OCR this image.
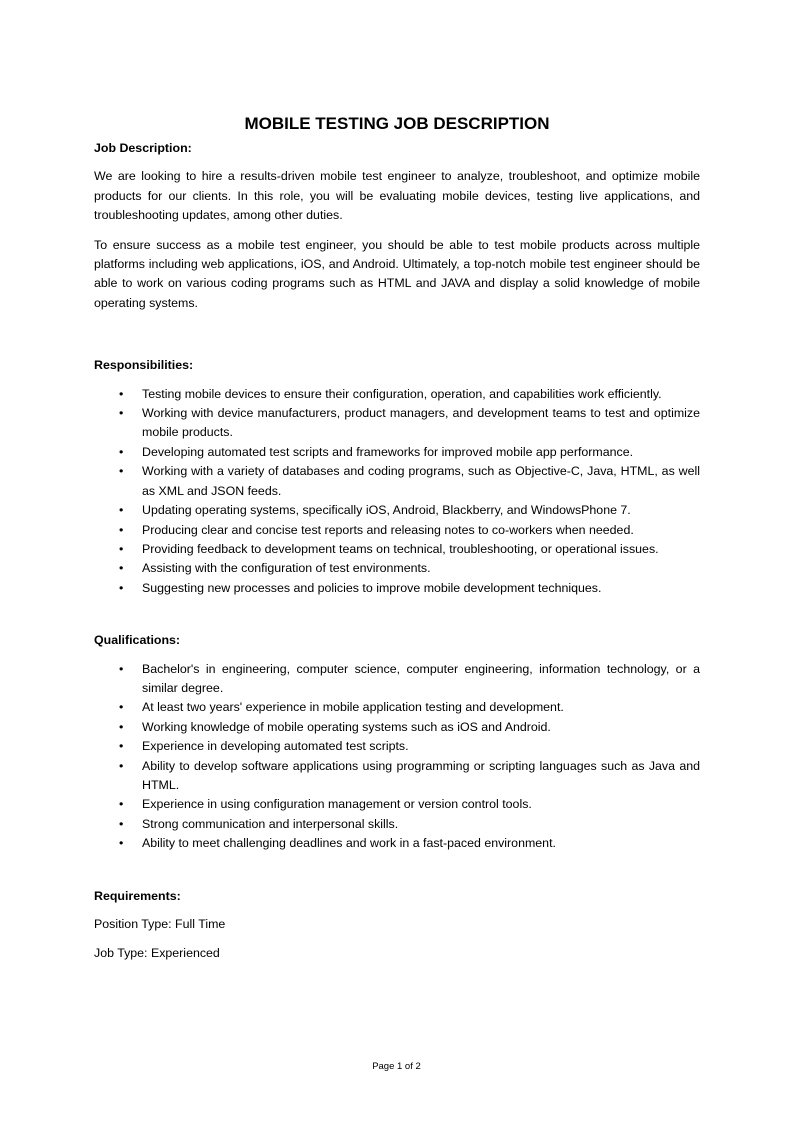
MOBILE TESTING JOB DESCRIPTION
Job Description:

We are looking to hire a results-driven mobile test engineer to analyze, troubleshoot, and optimize mobile products for our clients. In this role, you will be evaluating mobile devices, testing live applications, and troubleshooting updates, among other duties.

To ensure success as a mobile test engineer, you should be able to test mobile products across multiple platforms including web applications, iOS, and Android. Ultimately, a top-notch mobile test engineer should be able to work on various coding programs such as HTML and JAVA and display a solid knowledge of mobile operating systems.

Responsibilities:
• Testing mobile devices to ensure their configuration, operation, and capabilities work efficiently.
• Working with device manufacturers, product managers, and development teams to test and optimize mobile products.
• Developing automated test scripts and frameworks for improved mobile app performance.
• Working with a variety of databases and coding programs, such as Objective-C, Java, HTML, as well as XML and JSON feeds.
• Updating operating systems, specifically iOS, Android, Blackberry, and WindowsPhone 7.
• Producing clear and concise test reports and releasing notes to co-workers when needed.
• Providing feedback to development teams on technical, troubleshooting, or operational issues.
• Assisting with the configuration of test environments.
• Suggesting new processes and policies to improve mobile development techniques.
Qualifications:
• Bachelor's in engineering, computer science, computer engineering, information technology, or a similar degree.
• At least two years' experience in mobile application testing and development.
• Working knowledge of mobile operating systems such as iOS and Android.
• Experience in developing automated test scripts.
• Ability to develop software applications using programming or scripting languages such as Java and HTML.
• Experience in using configuration management or version control tools.
• Strong communication and interpersonal skills.
• Ability to meet challenging deadlines and work in a fast-paced environment.
Requirements:

Position Type: Full Time

Job Type: Experienced

Page 1 of 2
